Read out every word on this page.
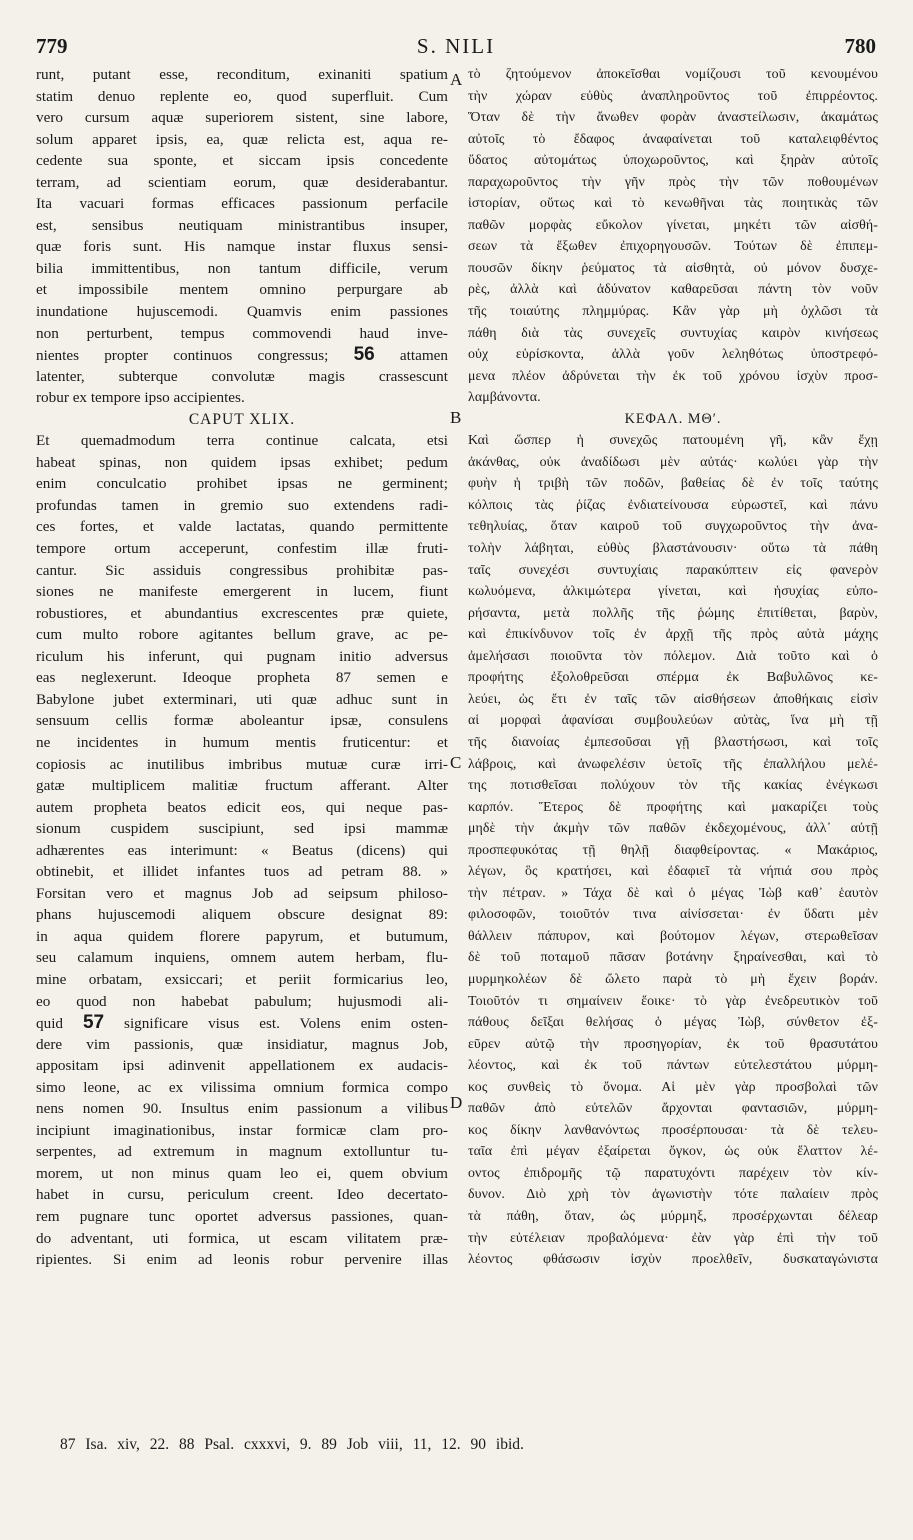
779	S. NILI	780
runt, putant esse, reconditum, exinaniti spatium
statim denuo replente eo, quod superfluit. Cum
vero cursum aquæ superiorem sistent, sine labore,
solum apparet ipsis, ea, quæ relicta est, aqua re-
cedente sua sponte, et siccam ipsis concedente
terram, ad scientiam eorum, quæ desiderabantur.
Ita vacuari formas efficaces passionum perfacile
est, sensibus neutiquam ministrantibus insuper,
quæ foris sunt. His namque instar fluxus sensi-
bilia immittentibus, non tantum difficile, verum
et impossibile mentem omnino perpurgare ab
inundatione hujuscemodi. Quamvis enim passiones
non perturbent, tempus commovendi haud inve-
nientes propter continuos congressus; 56 attamen
latenter, subterque convolutæ magis crassescunt
robur ex tempore ipso accipientes.
CAPUT XLIX.
Et quemadmodum terra continue calcata, etsi
habeat spinas, non quidem ipsas exhibet; pedum
enim conculcatio prohibet ipsas ne germinent;
profundas tamen in gremio suo extendens radi-
ces fortes, et valde lactatas, quando permittente
tempore ortum acceperunt, confestim illæ fruti-
cantur. Sic assiduis congressibus prohibitæ pas-
siones ne manifeste emergerent in lucem, fiunt
robustiores, et abundantius excrescentes præ quiete,
cum multo robore agitantes bellum grave, ac pe-
riculum his inferunt, qui pugnam initio adversus
eas neglexerunt. Ideoque propheta 87 semen e
Babylone jubet exterminari, uti quæ adhuc sunt in
sensuum cellis formæ aboleantur ipsæ, consulens
ne incidentes in humum mentis fruticentur: et
copiosis ac inutilibus imbribus mutuæ curæ irri-
gatæ multiplicem malitiæ fructum afferant. Alter
autem propheta beatos edicit eos, qui neque pas-
sionum cuspidem suscipiunt, sed ipsi mammæ
adhærentes eas interimunt: « Beatus (dicens) qui
obtinebit, et illidet infantes tuos ad petram 88. »
Forsitan vero et magnus Job ad seipsum philoso-
phans hujuscemodi aliquem obscure designat 89:
in aqua quidem florere papyrum, et butumum,
seu calamum inquiens, omnem autem herbam, flu-
mine orbatam, exsiccari; et periit formicarius leo,
eo quod non habebat pabulum; hujusmodi ali-
quid 57 significare visus est. Volens enim osten-
dere vim passionis, quæ insidiatur, magnus Job,
appositam ipsi adinvenit appellationem ex audacis-
simo leone, ac ex vilissima omnium formica compo
nens nomen 90. Insultus enim passionum a vilibus
incipiunt imaginationibus, instar formicæ clam pro-
serpentes, ad extremum in magnum extolluntur tu-
morem, ut non minus quam leo ei, quem obvium
habet in cursu, periculum creent. Ideo decertato-
rem pugnare tunc oportet adversus passiones, quan-
do adventant, uti formica, ut escam vilitatem præ-
ripientes. Si enim ad leonis robur pervenire illas
A
B
C
D
τὸ ζητούμενον ἀποκεῖσθαι νομίζουσι τοῦ κενουμένου
τὴν χώραν εὐθὺς ἀναπληροῦντος τοῦ ἐπιρρέοντος.
Ὅταν δὲ τὴν ἄνωθεν φορὰν ἀναστείλωσιν, ἀκαμάτως
αὐτοῖς τὸ ἔδαφος ἀναφαίνεται τοῦ καταλειφθέντος
ὕδατος αὐτομάτως ὑποχωροῦντος, καὶ ξηρὰν αὐτοῖς
παραχωροῦντος τὴν γῆν πρὸς τὴν τῶν ποθουμένων
ἱστορίαν, οὕτως καὶ τὸ κενωθῆναι τὰς ποιητικὰς τῶν
παθῶν μορφὰς εὔκολον γίνεται, μηκέτι τῶν αἰσθή-
σεων τὰ ἔξωθεν ἐπιχορηγουσῶν. Τούτων δὲ ἐπιπεμ-
πουσῶν δίκην ῥεύματος τὰ αἰσθητὰ, οὐ μόνον δυσχε-
ρὲς, ἀλλὰ καὶ ἀδύνατον καθαρεῦσαι πάντη τὸν νοῦν
τῆς τοιαύτης πλημμύρας. Κἂν γὰρ μὴ ὀχλῶσι τὰ
πάθη διὰ τὰς συνεχεῖς συντυχίας καιρὸν κινήσεως
οὐχ εὑρίσκοντα, ἀλλὰ γοῦν λεληθότως ὑποστρεφό-
μενα πλέον ἀδρύνεται τὴν ἐκ τοῦ χρόνου ἰσχὺν προσ-
λαμβάνοντα.
ΚΕΦΑΛ. ΜΘʹ.
Καὶ ὥσπερ ἡ συνεχῶς πατουμένη γῆ, κἂν ἔχῃ
ἀκάνθας, οὐκ ἀναδίδωσι μὲν αὐτάς· κωλύει γὰρ τὴν
φυὴν ἡ τριβὴ τῶν ποδῶν, βαθείας δὲ ἐν τοῖς ταύτης
κόλποις τὰς ῥίζας ἐνδιατείνουσα εὐρωστεῖ, καὶ πάνυ
τεθηλυίας, ὅταν καιροῦ τοῦ συγχωροῦντος τὴν ἀνα-
τολὴν λάβηται, εὐθὺς βλαστάνουσιν· οὕτω τὰ πάθη
ταῖς συνεχέσι συντυχίαις παρακύπτειν εἰς φανερὸν
κωλυόμενα, ἀλκιμώτερα γίνεται, καὶ ἡσυχίας εὐπο-
ρήσαντα, μετὰ πολλῆς τῆς ῥώμης ἐπιτίθεται, βαρὺν,
καὶ ἐπικίνδυνον τοῖς ἐν ἀρχῇ τῆς πρὸς αὐτὰ μάχης
ἀμελήσασι ποιοῦντα τὸν πόλεμον. Διὰ τοῦτο καὶ ὁ
προφήτης ἐξολοθρεῦσαι σπέρμα ἐκ Βαβυλῶνος κε-
λεύει, ὡς ἔτι ἐν ταῖς τῶν αἰσθήσεων ἀποθήκαις εἰσὶν
αἱ μορφαὶ ἀφανίσαι συμβουλεύων αὐτὰς, ἵνα μὴ τῇ
τῆς διανοίας ἐμπεσοῦσαι γῇ βλαστήσωσι, καὶ τοῖς
λάβροις, καὶ ἀνωφελέσιν ὑετοῖς τῆς ἐπαλλήλου μελέ-
της ποτισθεῖσαι πολύχουν τὸν τῆς κακίας ἐνέγκωσι
καρπόν. Ἕτερος δὲ προφήτης καὶ μακαρίζει τοὺς
μηδὲ τὴν ἀκμὴν τῶν παθῶν ἐκδεχομένους, ἀλλ᾽ αὐτῇ
προσπεφυκότας τῇ θηλῇ διαφθείροντας. « Μακάριος,
λέγων, ὃς κρατήσει, καὶ ἐδαφιεῖ τὰ νήπιά σου πρὸς
τὴν πέτραν. » Τάχα δὲ καὶ ὁ μέγας Ἰὼβ καθ᾽ ἑαυτὸν
φιλοσοφῶν, τοιοῦτόν τινα αἰνίσσεται· ἐν ὕδατι μὲν
θάλλειν πάπυρον, καὶ βούτομον λέγων, στερωθεῖσαν
δὲ τοῦ ποταμοῦ πᾶσαν βοτάνην ξηραίνεσθαι, καὶ τὸ
μυρμηκολέων δὲ ὤλετο παρὰ τὸ μὴ ἔχειν βοράν.
Τοιοῦτόν τι σημαίνειν ἔοικε· τὸ γὰρ ἐνεδρευτικὸν τοῦ
πάθους δεῖξαι θελήσας ὁ μέγας Ἰὼβ, σύνθετον ἐξ-
εῦρεν αὐτῷ τὴν προσηγορίαν, ἐκ τοῦ θρασυτάτου
λέοντος, καὶ ἐκ τοῦ πάντων εὐτελεστάτου μύρμη-
κος συνθεὶς τὸ ὄνομα. Αἱ μὲν γὰρ προσβολαὶ τῶν
παθῶν ἀπὸ εὐτελῶν ἄρχονται φαντασιῶν, μύρμη-
κος δίκην λανθανόντως προσέρπουσαι· τὰ δὲ τελευ-
ταῖα ἐπὶ μέγαν ἐξαίρεται ὄγκον, ὡς οὐκ ἔλαττον λέ-
οντος ἐπιδρομῆς τῷ παρατυχόντι παρέχειν τὸν κίν-
δυνον. Διὸ χρὴ τὸν ἀγωνιστὴν τότε παλαίειν πρὸς
τὰ πάθη, ὅταν, ὡς μύρμηξ, προσέρχωνται δέλεαρ
τὴν εὐτέλειαν προβαλόμενα· ἐὰν γὰρ ἐπὶ τὴν τοῦ
λέοντος φθάσωσιν ἰσχὺν προελθεῖν, δυσκαταγώνιστα
87 Isa. xiv, 22. 88 Psal. cxxxvi, 9. 89 Job viii, 11, 12. 90 ibid.
